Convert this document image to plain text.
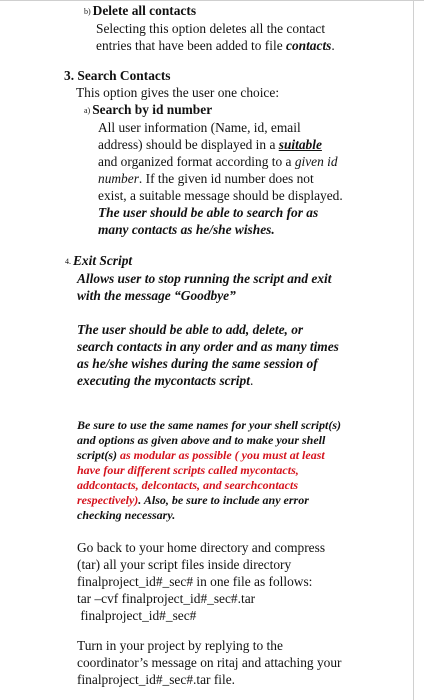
b) Delete all contacts
Selecting this option deletes all the contact
entries that have been added to file contacts.
3. Search Contacts
This option gives the user one choice:
a) Search by id number
All user information (Name, id, email
address) should be displayed in a suitable
and organized format according to a given id
number. If the given id number does not
exist, a suitable message should be displayed.
The user should be able to search for as
many contacts as he/she wishes.
4. Exit Script
Allows user to stop running the script and exit
with the message “Goodbye”
The user should be able to add, delete, or
search contacts in any order and as many times
as he/she wishes during the same session of
executing the mycontacts script.
Be sure to use the same names for your shell script(s)
and options as given above and to make your shell
script(s) as modular as possible ( you must at least
have four different scripts called mycontacts,
addcontacts, delcontacts, and searchcontacts
respectively). Also, be sure to include any error
checking necessary.
Go back to your home directory and compress
(tar) all your script files inside directory
finalproject_id#_sec# in one file as follows:
tar –cvf finalproject_id#_sec#.tar
finalproject_id#_sec#
Turn in your project by replying to the
coordinator’s message on ritaj and attaching your
finalproject_id#_sec#.tar file.
